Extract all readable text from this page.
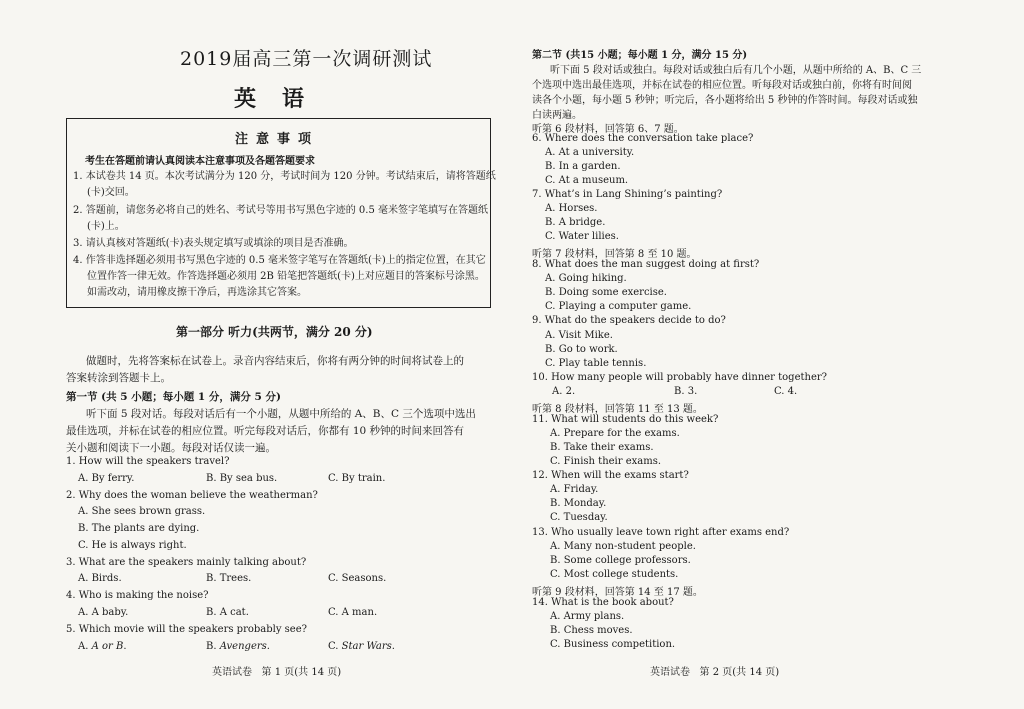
2019届高三第一次调研测试
英语
注意事项
考生在答题前请认真阅读本注意事项及各题答题要求
1. 本试卷共 14 页。本次考试满分为 120 分，考试时间为 120 分钟。考试结束后，请将答题纸
(卡)交回。
2. 答题前，请您务必将自己的姓名、考试号等用书写黑色字迹的 0.5 毫米签字笔填写在答题纸
(卡)上。
3. 请认真核对答题纸(卡)表头规定填写或填涂的项目是否准确。
4. 作答非选择题必须用书写黑色字迹的 0.5 毫米签字笔写在答题纸(卡)上的指定位置，在其它
位置作答一律无效。作答选择题必须用 2B 铅笔把答题纸(卡)上对应题目的答案标号涂黑。
如需改动，请用橡皮擦干净后，再选涂其它答案。
第一部分 听力(共两节，满分 20 分)
做题时，先将答案标在试卷上。录音内容结束后，你将有两分钟的时间将试卷上的
答案转涂到答题卡上。
第一节 (共 5 小题；每小题 1 分，满分 5 分)
听下面 5 段对话。每段对话后有一个小题，从题中所给的 A、B、C 三个选项中选出
最佳选项，并标在试卷的相应位置。听完每段对话后，你都有 10 秒钟的时间来回答有
关小题和阅读下一小题。每段对话仅读一遍。
1. How will the speakers travel?
A. By ferry.	B. By sea bus.	C. By train.
2. Why does the woman believe the weatherman?
A. She sees brown grass.
B. The plants are dying.
C. He is always right.
3. What are the speakers mainly talking about?
A. Birds.	B. Trees.	C. Seasons.
4. Who is making the noise?
A. A baby.	B. A cat.	C. A man.
5. Which movie will the speakers probably see?
A. A or B.	B. Avengers.	C. Star Wars.
英语试卷   第 1 页(共 14 页)
第二节 (共15 小题；每小题 1 分，满分 15 分)
听下面 5 段对话或独白。每段对话或独白后有几个小题，从题中所给的 A、B、C 三
个选项中选出最佳选项，并标在试卷的相应位置。听每段对话或独白前，你将有时间阅
读各个小题，每小题 5 秒钟；听完后，各小题将给出 5 秒钟的作答时间。每段对话或独
白读两遍。
听第 6 段材料，回答第 6、7 题。
6. Where does the conversation take place?
A. At a university.
B. In a garden.
C. At a museum.
7. What’s in Lang Shining’s painting?
A. Horses.
B. A bridge.
C. Water lilies.
听第 7 段材料，回答第 8 至 10 题。
8. What does the man suggest doing at first?
A. Going hiking.
B. Doing some exercise.
C. Playing a computer game.
9. What do the speakers decide to do?
A. Visit Mike.
B. Go to work.
C. Play table tennis.
10. How many people will probably have dinner together?
A. 2.	B. 3.	C. 4.
听第 8 段材料，回答第 11 至 13 题。
11. What will students do this week?
A. Prepare for the exams.
B. Take their exams.
C. Finish their exams.
12. When will the exams start?
A. Friday.
B. Monday.
C. Tuesday.
13. Who usually leave town right after exams end?
A. Many non-student people.
B. Some college professors.
C. Most college students.
听第 9 段材料，回答第 14 至 17 题。
14. What is the book about?
A. Army plans.
B. Chess moves.
C. Business competition.
英语试卷   第 2 页(共 14 页)
